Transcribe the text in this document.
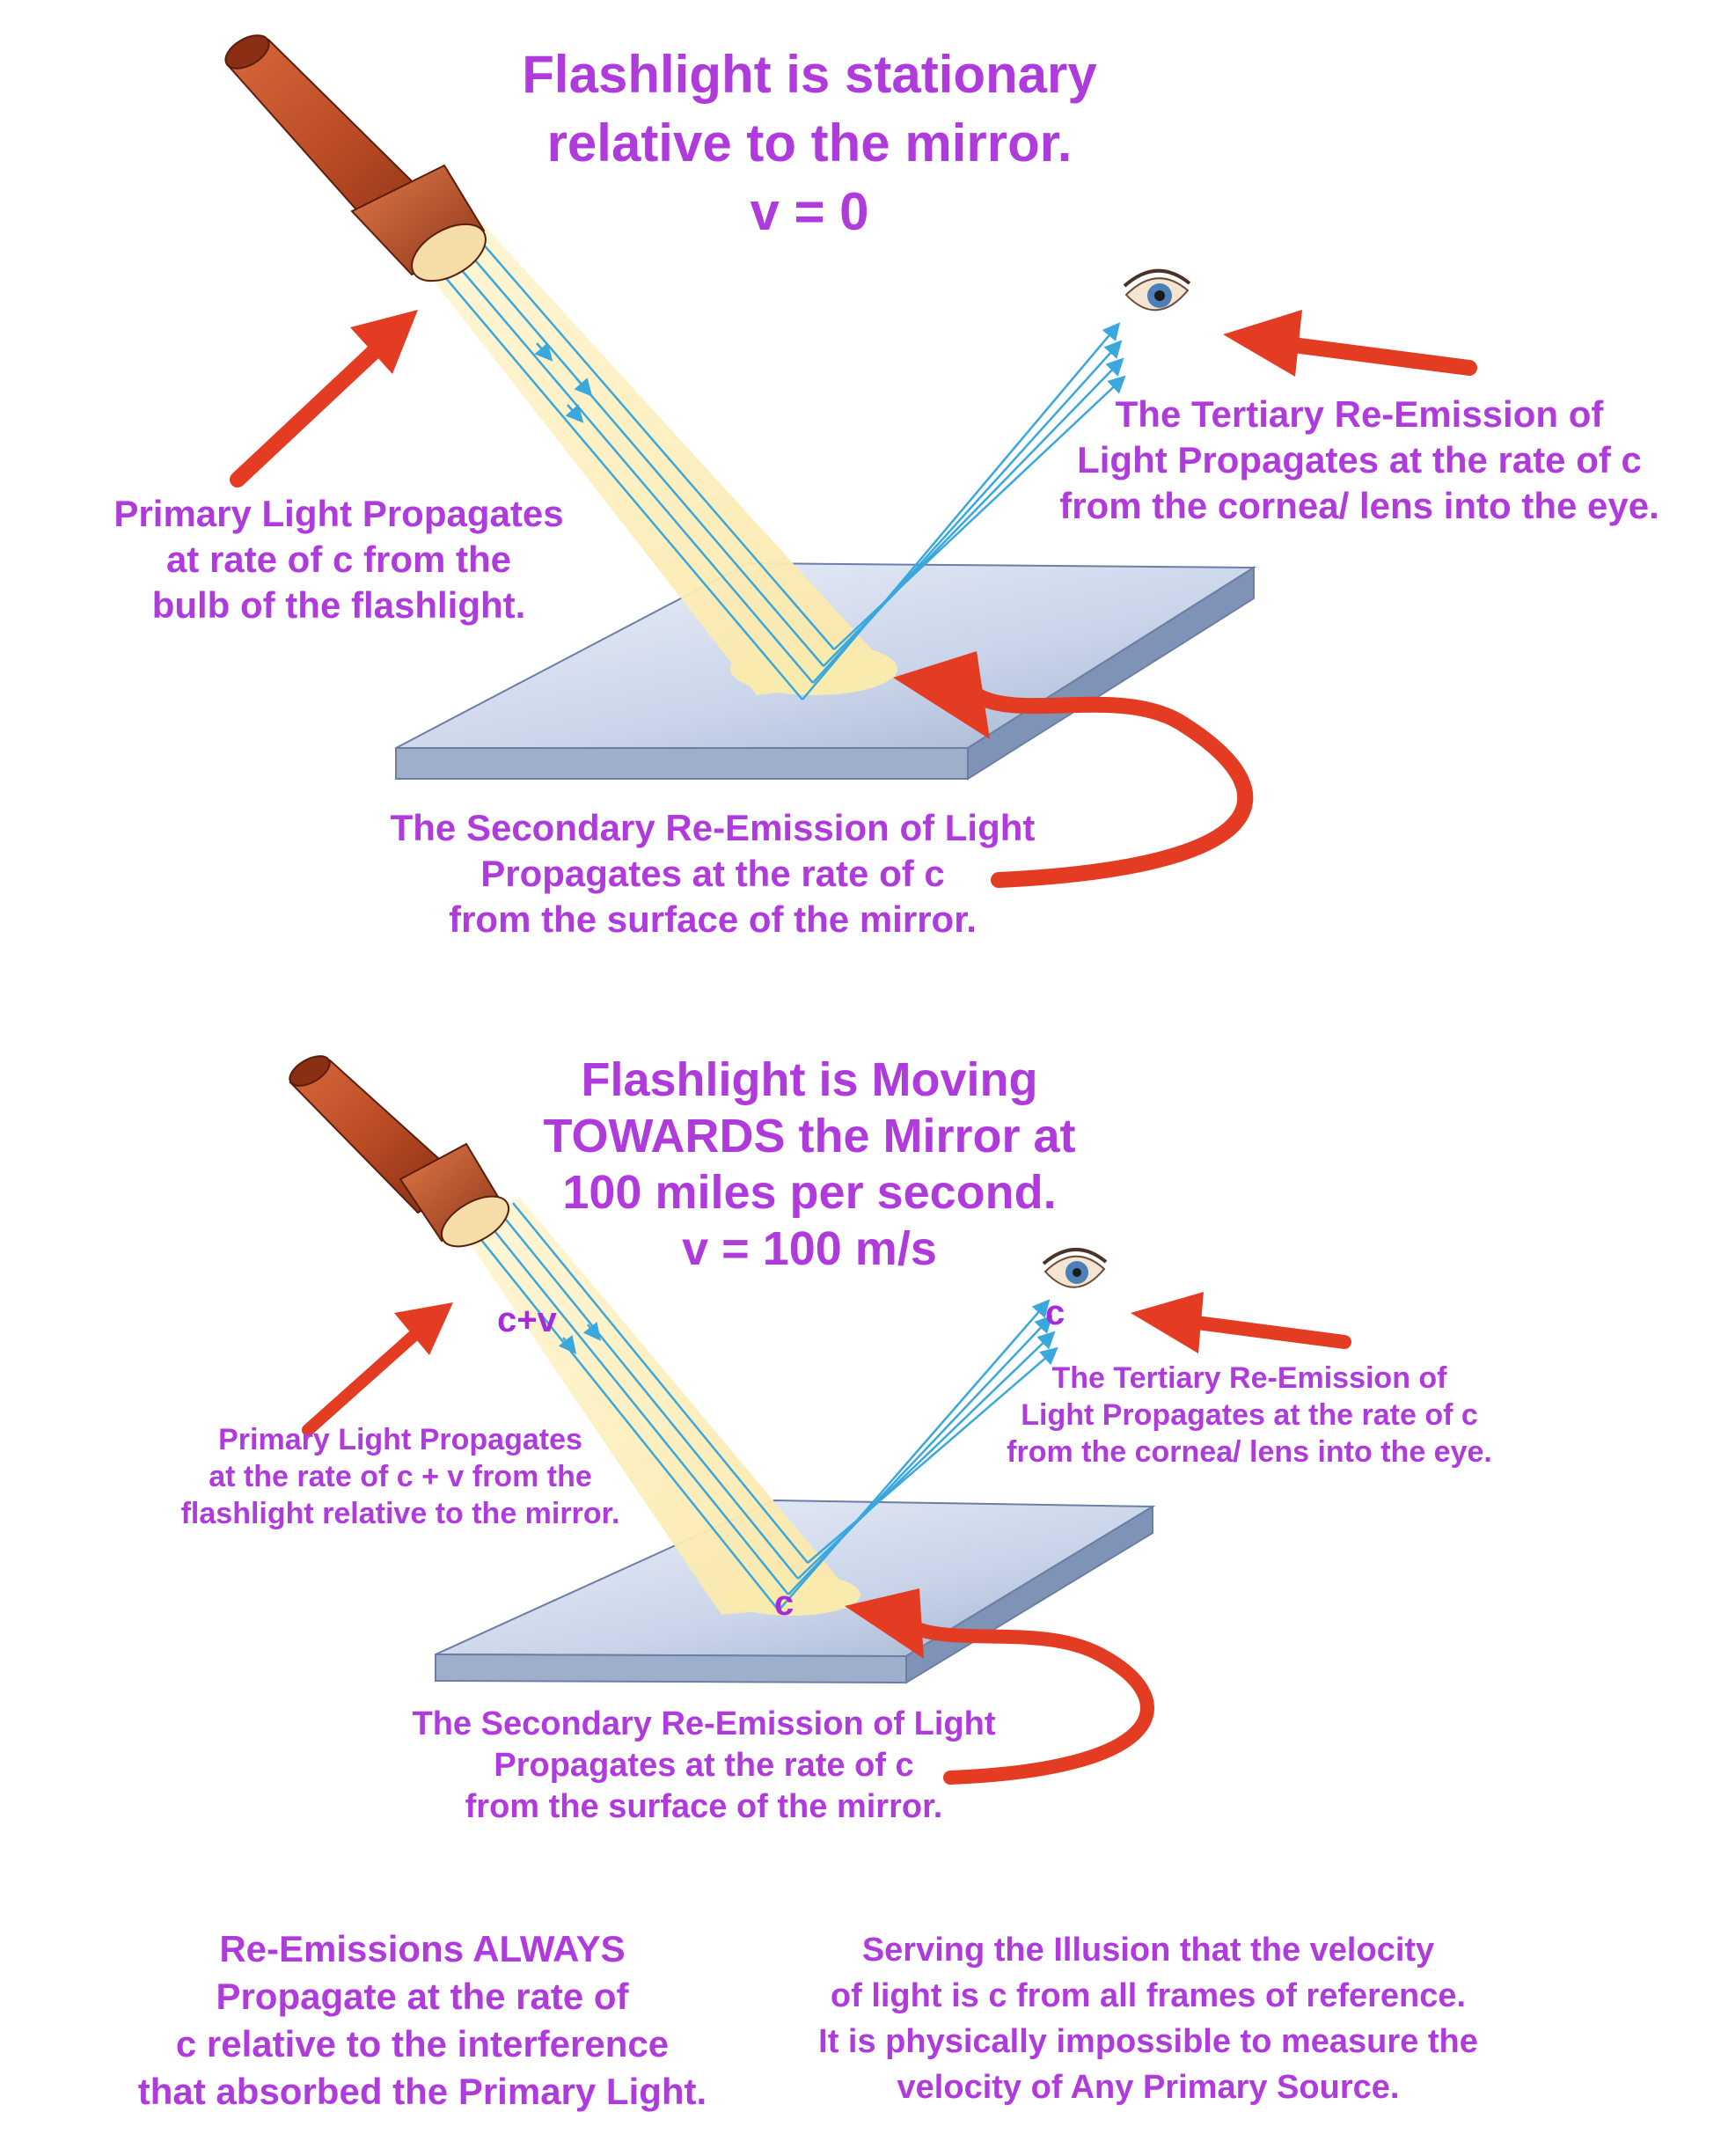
Flashlight is stationary
relative to the mirror.
v = 0
Primary Light Propagates
at rate of c from the
bulb of the flashlight.
The Tertiary Re-Emission of
Light Propagates at the rate of c
from the cornea/ lens into the eye.
The Secondary Re-Emission of Light
Propagates at the rate of c
from the surface of the mirror.
Flashlight is Moving
TOWARDS the Mirror at
100 miles per second.
v = 100 m/s
Primary Light Propagates
at the rate of c + v from the
flashlight relative to the mirror.
The Tertiary Re-Emission of
Light Propagates at the rate of c
from the cornea/ lens into the eye.
The Secondary Re-Emission of Light
Propagates at the rate of c
from the surface of the mirror.
c+v
c
c
Re-Emissions ALWAYS
Propagate at the rate of
c relative to the interference
that absorbed the Primary Light.
Serving the Illusion that the velocity
of light is c from all frames of reference.
It is physically impossible to measure the
velocity of Any Primary Source.
